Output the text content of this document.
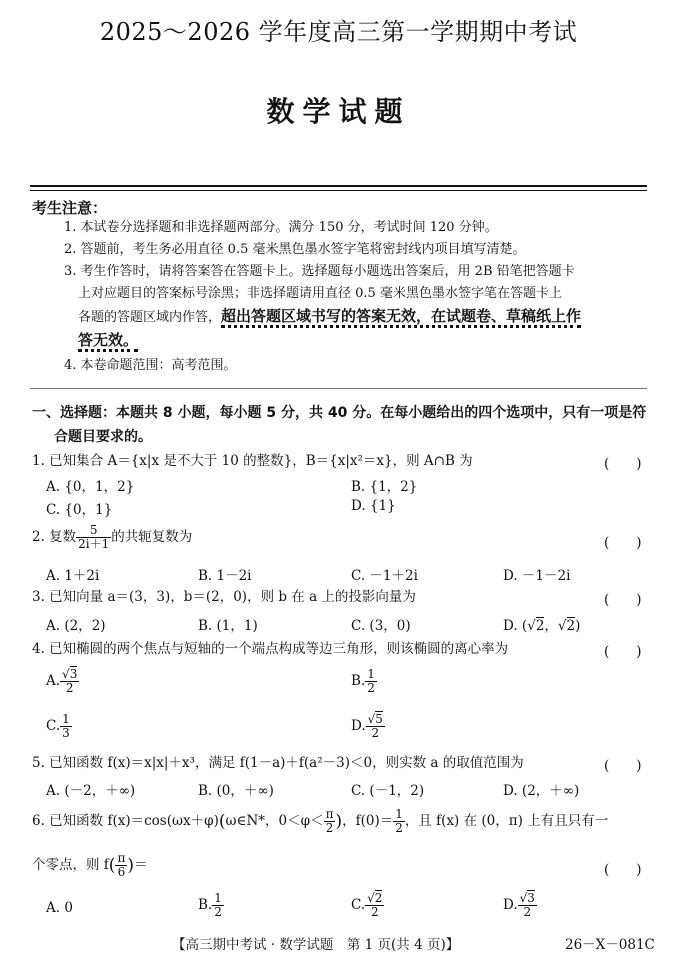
2025～2026 学年度高三第一学期期中考试
数学试题
考生注意：
1. 本试卷分选择题和非选择题两部分。满分 150 分，考试时间 120 分钟。
2. 答题前，考生务必用直径 0.5 毫米黑色墨水签字笔将密封线内项目填写清楚。
3. 考生作答时，请将答案答在答题卡上。选择题每小题选出答案后，用 2B 铅笔把答题卡
上对应题目的答案标号涂黑；非选择题请用直径 0.5 毫米黑色墨水签字笔在答题卡上
各题的答题区域内作答，超出答题区域书写的答案无效，在试题卷、草稿纸上作
答无效。
4. 本卷命题范围：高考范围。
一、选择题：本题共 8 小题，每小题 5 分，共 40 分。在每小题给出的四个选项中，只有一项是符
合题目要求的。
1. 已知集合 A＝{x|x 是不大于 10 的整数}，B＝{x|x²＝x}，则 A∩B 为	(　　)
A. {0，1，2}	B. {1，2}
C. {0，1}	D. {1}
2. 复数 $\frac{5}{2i+1}$ 的共轭复数为	(　　)
A. 1＋2i	B. 1－2i	C. －1＋2i	D. －1－2i
3. 已知向量 a＝(3，3)，b＝(2，0)，则 b 在 a 上的投影向量为	(　　)
A. (2，2)	B. (1，1)	C. (3，0)	D. (√2，√2)
4. 已知椭圆的两个焦点与短轴的一个端点构成等边三角形，则该椭圆的离心率为	(　　)
A. $\frac{√3}{2}$	B. $\frac{1}{2}$
C. $\frac{1}{3}$	D. $\frac{√5}{2}$
5. 已知函数 f(x)＝x|x|＋x³，满足 f(1－a)＋f(a²－3)＜0，则实数 a 的取值范围为	(　　)
A. (－2，＋∞)	B. (0，＋∞)	C. (－1，2)	D. (2，＋∞)
6. 已知函数 f(x)＝cos(ωx＋φ)(ω∈N*，$0<\varphi< \frac{\pi}{2}$ )，$f(0)= \frac{1}{2}$ ，且 f(x) 在 (0，π) 上有且只有一
个零点，则 $f( \frac{\pi}{6}$ )＝	(　　)
A. 0	B. $\frac{1}{2}$	C. $\frac{√2}{2}$	D. $\frac{√3}{2}$
【高三期中考试 · 数学试题　第 1 页(共 4 页)】	26－X－081C
